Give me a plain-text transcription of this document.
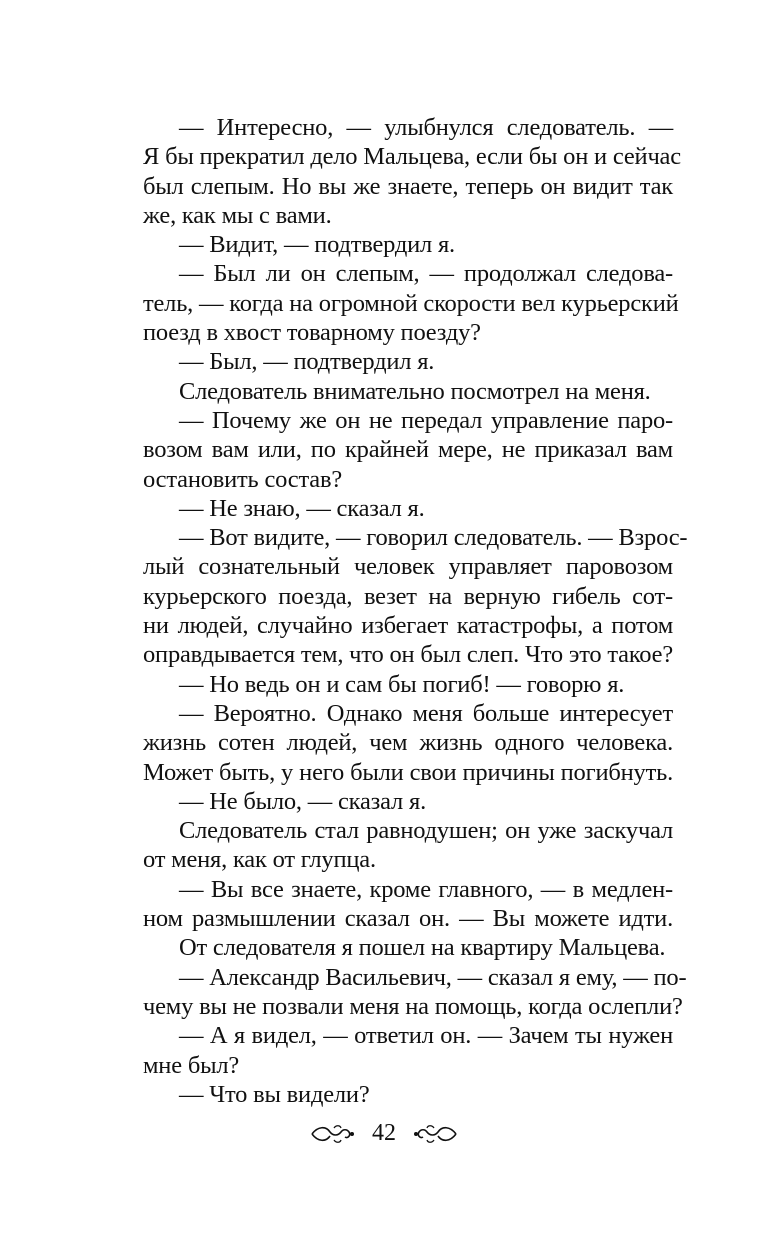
— Интересно, — улыбнулся следователь. —
Я бы прекратил дело Мальцева, если бы он и сейчас
был слепым. Но вы же знаете, теперь он видит так
же, как мы с вами.
— Видит, — подтвердил я.
— Был ли он слепым, — продолжал следова-
тель, — когда на огромной скорости вел курьерский
поезд в хвост товарному поезду?
— Был, — подтвердил я.
Следователь внимательно посмотрел на меня.
— Почему же он не передал управление паро-
возом вам или, по крайней мере, не приказал вам
остановить состав?
— Не знаю, — сказал я.
— Вот видите, — говорил следователь. — Взрос-
лый сознательный человек управляет паровозом
курьерского поезда, везет на верную гибель сот-
ни людей, случайно избегает катастрофы, а потом
оправдывается тем, что он был слеп. Что это такое?
— Но ведь он и сам бы погиб! — говорю я.
— Вероятно. Однако меня больше интересует
жизнь сотен людей, чем жизнь одного человека.
Может быть, у него были свои причины погибнуть.
— Не было, — сказал я.
Следователь стал равнодушен; он уже заскучал
от меня, как от глупца.
— Вы все знаете, кроме главного, — в медлен-
ном размышлении сказал он. — Вы можете идти.
От следователя я пошел на квартиру Мальцева.
— Александр Васильевич, — сказал я ему, — по-
чему вы не позвали меня на помощь, когда ослепли?
— А я видел, — ответил он. — Зачем ты нужен
мне был?
— Что вы видели?
42
